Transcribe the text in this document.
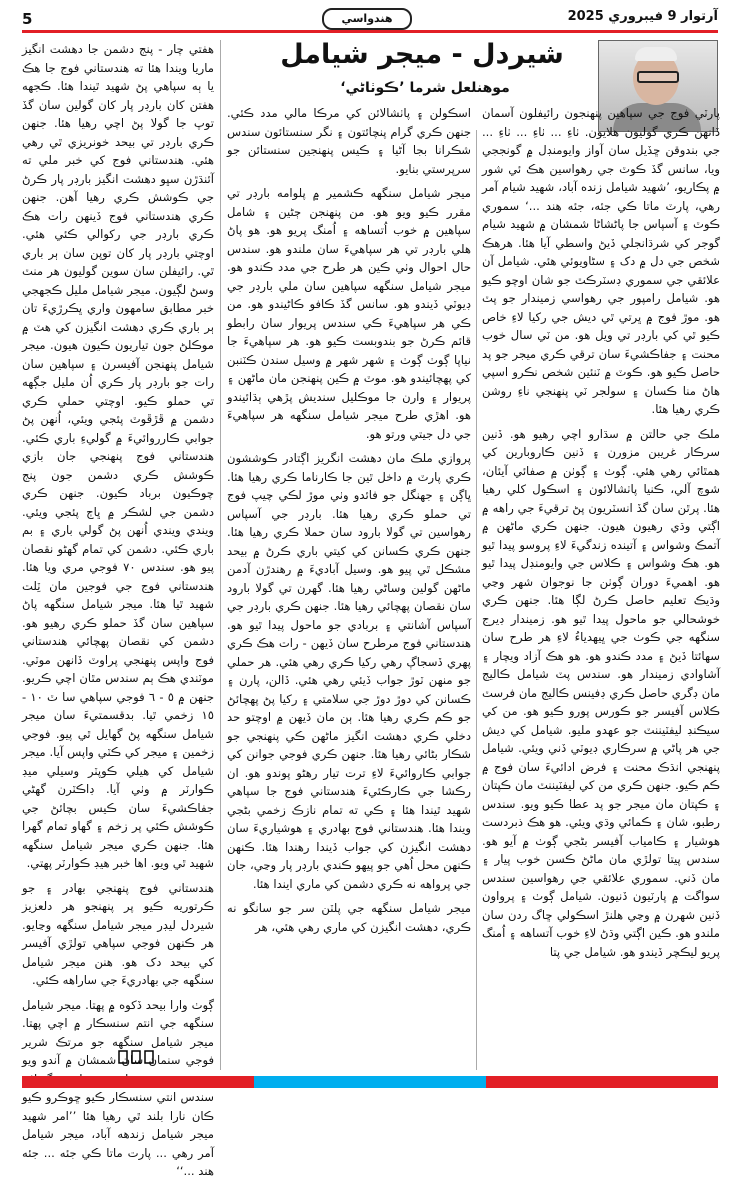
5	هندواسي	آرتوار 9 فيبروري 2025
شيردل - ميجر شيامل
موهنلعل شرما ’ڪوٺاڻي‘

پارٽي فوج جي سپاهين پنهنجون رائيفلون آسمان ڏانهن ڪري گوليون هلايون. ٺاءِ ... ٺاءِ ... ٺاءِ ... جي بندوقن ڇڏيل سان آواز وايومنڊل ۾ گونججي ويا، سانس گڏ ڪوٽ جي رهواسين هڪ ئي شور ۾ پڪاريو، ’شهيد شيامل زنده آباد، شهيد شيام آمر رهي، پارٽ ماتا ڪي جئه، جئه هند ...‘ سموري ڪوٽ ۽ آسپاس جا پاڻشاڻا شمشان ۾ شهيد شيام گوجر کي شرڌانجلي ڏيڻ واسطي آيا هئا. هرهڪ شخص جي دل ۾ دک ۽ سڻاويوئي هئي. شيامل آن علائقي جي سموري ڊسٽرڪٽ جو شان اوچو ڪيو هو. شيامل رامپور جي رهواسي زميندار جو پٽ هو. موڙ فوج ۾ ڀرتي ٿي ديش جي رکيا لاءِ خاص ڪيو ٿي کي بارڊر تي ويل هو. من ٽي سال خوب محنت ۽ جفاڪشيءَ سان ترقي ڪري ميجر جو پد حاصل ڪيو هو. ڪوٽ ۾ ٽنئين شخص نڪرو اسپي هاڻ منا ڪسان ۽ سولجر ٽي پنهنجي ناءِ روشن ڪري رهيا هئا.

ملڪ جي حالتن ۾ سڌارو اچي رهيو هو. ڏنين سرڪار غريبن مزورن ۽ ڏنين ڪاروبارين کي همٿائي رهي هئي. ڳوٺ ۽ ڳوٺن ۾ صفائي آيئان، شوچ آلي، ڪنيا پاٺشالائون ۽ اسڪول کلي رهيا هئا. پرٿن سان گڏ انسٽريون پڻ ترقيءَ جي راهه ۾ اڳتي وڌي رهيون هيون. جنهن ڪري ماڻهن ۾ آتمڪ وشواس ۽ آتينده زندگيءَ لاءِ پروسو پيدا ٿيو هو. هڪ وشواس ۽ ڪلاس جي وايومنڊل پيدا ٿيو هو. اهميءَ دوران ڳوٺن جا نوجوان شهر وڃي وڌيڪ تعليم حاصل ڪرڻ لڳا هئا. جنهن ڪري خوشحالي جو ماحول پيدا ٿيو هو. زميندار ڊيرج سنگهه جي ڪوٺ جي ڀيهدياءُ لاءِ هر طرح سان سهائتا ڏيڻ ۽ مدد ڪندو هو. هو هڪ آزاد ويچار ۽ آشاوادي زميندار هو. سندس پٽ شيامل ڪاليج مان ڊگري حاصل ڪري ڊفينس ڪاليج مان فرسٽ ڪلاس آفيسر جو ڪورس پورو ڪيو هو. من کي سيڪنڊ ليفٽيننٽ جو عهدو مليو. شيامل کي ديش جي هر پاڻي ۾ سرڪاري ڊيوٽي ڏني ويئي. شيامل پنهنجي انڌڪ محنت ۽ فرض ادائيءَ سان فوج ۾ ڪم ڪيو. جنهن ڪري من کي ليفٽيننٽ مان ڪپتان ۽ ڪپتان مان ميجر جو پد عطا ڪيو ويو. سندس رطبو، شان ۽ ڪمائي وڌي ويئي. هو هڪ ذبردست هوشيار ۽ ڪامياب آفيسر بڻجي ڳوٺ ۾ آيو هو. سندس پيتا تولڙي مان ماڻڻ ڪسن خوب پيار ۽ مان ڏني. سموري علائقي جي رهواسين سندس سواگت ۾ پارٽيون ڏنيون. شيامل ڳوٺ ۽ پرواون ڏنين شهرن ۾ وڃي هلنڙ اسڪولي ڇاگ ردن سان ملندو هو. ڪين اڳتي وڌڻ لاءِ خوب آتساهه ۽ اُمنگ پريو ليڪچر ڏيندو هو. شيامل جي پتا

اسڪولن ۽ پاٺشالائن کي مرڪا مالي مدد ڪئي. جنهن ڪري گرام پنچائتون ۽ نگر سنستائون سندس شڪرانا بجا آڻيا ۽ ڪيس پنهنجين سنستائن جو سرپرستي بنايو.

ميجر شيامل سنگهه ڪشمير ۾ پلوامه بارڊر تي مقرر ڪيو ويو هو. من پنهنجن ڄڻين ۽ شامل سپاهين ۾ خوب اُتساهه ۽ اُمنگ پريو هو. هو پاڻ هلي بارڊر تي هر سپاهيءَ سان ملندو هو. سندس حال احوال وٺي ڪين هر طرح جي مدد ڪندو هو. ميجر شيامل سنگهه سپاهين سان ملي بارڊر جي ڊيوٽي ڏيندو هو. سانس گڏ ڪافو ڪاڻيندو هو. من ڪي هر سپاهيءَ ڪي سندس پريوار سان رابطو قائم ڪرڻ جو بندوبست ڪيو هو. هر سپاهيءَ جا نياپا ڳوٺ ڳوٺ ۽ شهر شهر ۾ وسيل سندن ڪٽنبن کي پهچائيندو هو. موٽ ۾ ڪين پنهنجن مان ماڻهن ۽ پريوار ۽ وارن جا موڪليل سنديش پڙهي ٻڌائيندو هو. اهڙي طرح ميجر شيامل سنگهه هر سپاهيءَ جي دل جيتي ورتو هو.

پروازي ملڪ مان دهشت انگريز اڳتادر ڪوششون ڪري پارٽ ۾ داخل ٿين جا ڪارناما ڪري رهيا هئا. ڀاڳن ۽ جهنگل جو فائدو وٺي موڙ لڪي چيپ فوج تي حملو ڪري رهيا هئا. بارڊر جي آسپاس رهواسين تي گولا بارود سان حملا ڪري رهيا هئا. جنهن ڪري ڪسانن کي کيتي باري ڪرڻ ۾ بيحد مشڪل ٿي پيو هو. وسيل آباديءَ ۾ رهندڙن آدمن ماڻهن گولين وساڻي رهيا هئا. گهرن تي گولا بارود سان نقصان پهچائي رهيا هئا. جنهن ڪري بارڊر جي آسپاس آشانتي ۽ بربادي جو ماحول پيدا ٿيو هو. هندستاني فوج مرطرح سان ڏيهن - رات هڪ ڪري پهري ڏسجاڳ رهي رکيا ڪري رهي هئي. هر حملي جو منهن ٽوڙ جواب ڏيئي رهي هئي. ڏالن، پارن ۽ ڪسانن کي دوڙ دوڙ جي سلامتي ۽ رکيا پڻ پهچائڻ جو ڪم ڪري رهيا هئا. ٻن مان ڏيهن ۾ اوچتو حد دخلي ڪري دهشت انگيز ماڻهن ڪي پنهنجي جو شڪار بڻائي رهيا هئا. جنهن ڪري فوجي جوانن کي جوابي ڪاروائيءَ لاءِ ترت تيار رهڻو پوندو هو. ان رڪشا جي ڪارڪئيءَ هندستاني فوج جا سپاهي شهيد ٿيندا هئا ۽ ڪي ته تمام نازڪ زخمي بڻجي ويندا هئا. هندستاني فوج بهادري ۽ هوشياريءَ سان دهشت انگيزن کي جواب ڏيندا رهندا هئا. ڪنهن ڪنهن محل اُهي جو پيهو ڪندي بارڊر پار وڃي، جان جي پرواهه نه ڪري دشمن کي ماري ايندا هئا.

ميجر شيامل سنگهه جي پلٽن سر جو سانگو نه ڪري، دهشت انگيزن کي ماري رهي هئي، هر

هفتي چار - پنج دشمن جا دهشت انگيز ماريا ويندا هئا ته هندستاني فوج جا هڪ يا ٻه سپاهي پڻ شهيد ٿيندا هئا. ڪجهه هفتن کان بارڊر پار کان گولين سان گڏ توپ جا گولا پڻ اچي رهيا هئا. جنهن ڪري بارڊر تي بيحد خونريزي ٿي رهي هئي. هندستاني فوج کي خبر ملي ته آئنڌڙن سڀو دهشت انگيز بارڊر پار ڪرڻ جي ڪوشش ڪري رهيا آهن. جنهن ڪري هندستاني فوج ڏينهن رات هڪ ڪري بارڊر جي رکوالي ڪئي هئي. اوچتي بارڊر پار کان توپن سان ٻر باري ٿي. رائيفلن سان سوين گوليون هر منٽ وسڻ لڳيون. ميجر شيامل مليل ڪجهجي خبر مطابق سامهون واري ڀڪرڙيءَ تان ٻر باري ڪري دهشت انگيزن کي هٽ ۾ موڪلڻ جون تياريون ڪيون هيون. ميجر شيامل پنهنجن آفيسرن ۽ سپاهين سان رات جو بارڊر پار ڪري اُن مليل جڳهه تي حملو ڪيو. اوچتي حملي ڪري دشمن ۾ ڦڙڦوٽ پئجي ويئي، اُنهن پڻ جوابي ڪارروائيءَ ۾ گوليءِ باري ڪئي. هندستاني فوج پنهنجي جان بازي ڪوشش ڪري دشمن جون پنج چوڪيون برباد ڪيون. جنهن ڪري دشمن جي لشڪر ۾ ڀاڄ پئجي ويئي. ويندي ويندي اُنهن پڻ گولي باري ۽ بم باري ڪئي. دشمن کي تمام گهڻو نقصان پيو هو. سندس ٧٠ فوجي مري ويا هئا. هندستاني فوج جي فوجين مان ٽِلت شهيد ٿيا هئا. ميجر شيامل سنگهه پاڻ سپاهين سان گڏ حملو ڪري رهيو هو. دشمن کي نقصان پهچائي هندستاني فوج واپس پنهنجي پراوٽ ڏانهن موٽي. موٽندي هڪ ٻم سندس مٿان اچي ڪريو. جنهن ۾ ٥ - ٦ فوجي سپاهي سا ٽ ١٠ - ١٥ زخمي ٿيا. بدقسمتيءَ سان ميجر شيامل سنگهه پڻ گهايل ٿي پيو. فوجي زخمين ۽ ميجر کي ڪٽي واپس آيا. ميجر شيامل کي هيلي ڪوپٽر وسيلي ميڊ ڪوارٽر ۾ وٺي آيا. ڊاڪٽرن گهڻي جفاڪشيءَ سان ڪيس بچائڻ جي ڪوشش ڪئي پر زخم ۽ گهاو تمام گهرا هئا. جنهن ڪري ميجر شيامل سنگهه شهيد ٿي ويو. اها خبر هيڊ ڪوارٽر پهتي.

هندستاني فوج پنهنجي بهادر ۽ جو ڪرتوريه ڪيو پر پنهنجو هر دلعزيز شيردل ليڊر ميجر شيامل سنگهه وڃايو. هر ڪنهن فوجي سپاهي تولڙي آفيسر کي بيحد دک هو. هنن ميجر شيامل سنگهه جي بهادريءَ جي ساراهه ڪئي.

ڳوٺ وارا بيحد ڏکوه ۾ پهتا. ميجر شيامل سنگهه جي انتم سنسڪار ۾ اچي پهتا. ميجر شيامل سنگهه جو مرتڪ شرير فوجي سنمان سان شمشان ۾ آندو ويو سندس انتي سنسڪار ڪيو ڇوڪرو ڪيو ڪان نارا بلند ٿي رهيا هئا ’’امر شهيد ميجر شيامل زندهه آباد، ميجر شيامل آمر رهي ... پارت ماتا ڪي جئه ... جئه هند ...‘‘
